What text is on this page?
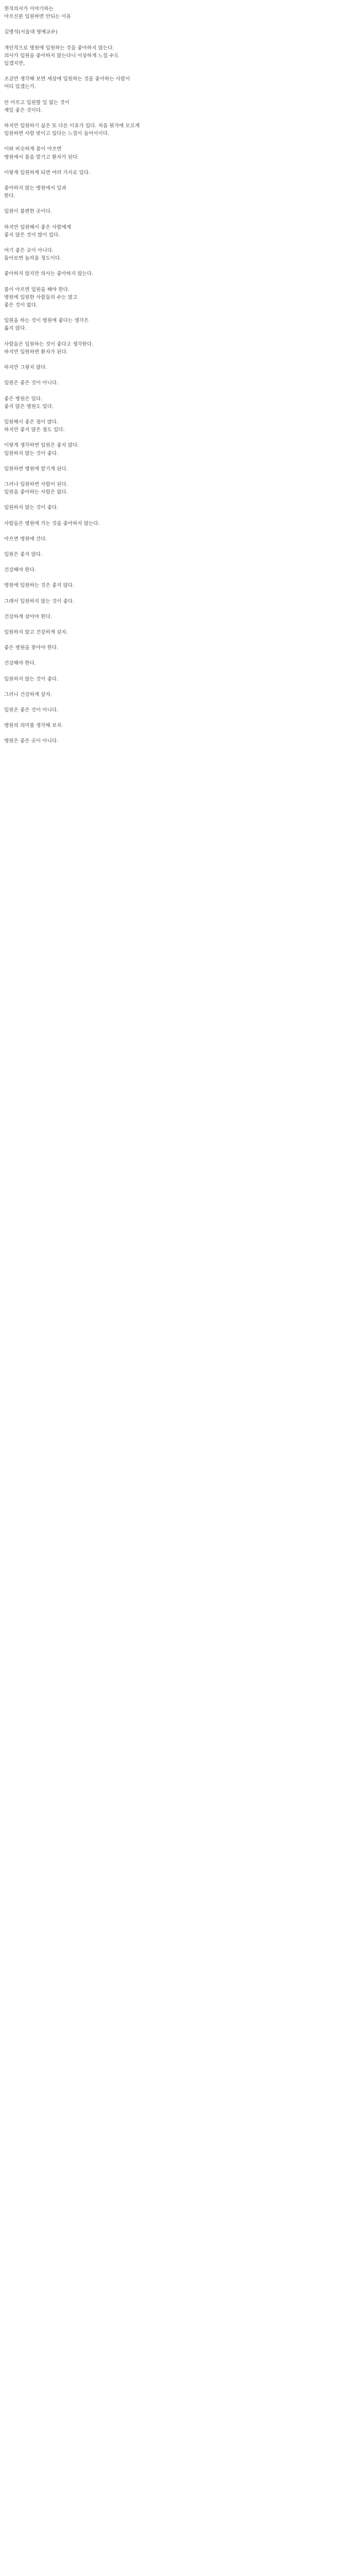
현직의사가 이야기하는
아프신분 입원하면 안되는 이유

김병석(서울대 명예교수)

개인적으로 병원에 입원하는 것을 좋아하지 않는다.
의사가 입원을 좋아하지 않는다니 이상하게 느낄 수도
있겠지만,

조금만 생각해 보면 세상에 입원하는 것을 좋아하는 사람이
어디 있겠는가.

안 아프고 입원할 일 없는 것이
제일 좋은 것이다.

하지만 입원하기 싫은 또 다른 이유가 있다. 처음 뭔가에 모르게
입원하면 사람 맞이고 있다는 느낌이 들어서이다.

이와 비슷하게 몸이 아프면
병원에서 몸을 맡기고 환자가 된다.

이렇게 입원하게 되면 여러 가지로 있다.

좋아하지 않는 병원에서 일과
한다.

입원이 불편한 곳이다.

하지만 입원해서 좋은 사람에게
좋지 않은 것이 많이 있다.

여기 좋은 곳이 아니다.
돌아보면 놀라울 정도이다.

좋아하지 않지만 의사는 좋아하지 않는다.

몸이 아프면 입원을 해야 한다.
병원에 입원한 사람들의 수는 많고
좋은 것이 없다.

입원을 하는 것이 병원에 좋다는 생각은
옳지 않다.

사람들은 입원하는 것이 좋다고 생각한다.
하지만 입원하면 환자가 된다.

하지만 그렇지 않다.

입원은 좋은 것이 아니다.

좋은 병원은 있다.
좋지 않은 병원도 있다.

입원해서 좋은 점이 많다.
하지만 좋지 않은 점도 있다.

이렇게 생각하면 입원은 좋지 않다.
입원하지 않는 것이 좋다.

입원하면 병원에 맡기게 된다.

그러나 입원하면 사람이 된다.
입원을 좋아하는 사람은 없다.

입원하지 않는 것이 좋다.

사람들은 병원에 가는 것을 좋아하지 않는다.

아프면 병원에 간다.

입원은 좋지 않다.

건강해야 한다.

병원에 입원하는 것은 좋지 않다.

그래서 입원하지 않는 것이 좋다.

건강하게 살아야 한다.

입원하지 않고 건강하게 살자.

좋은 병원을 찾아야 한다.

건강해야 한다.

입원하지 않는 것이 좋다.

그러니 건강하게 살자.

입원은 좋은 것이 아니다.

병원의 의미를 생각해 보자.

병원은 좋은 곳이 아니다.
